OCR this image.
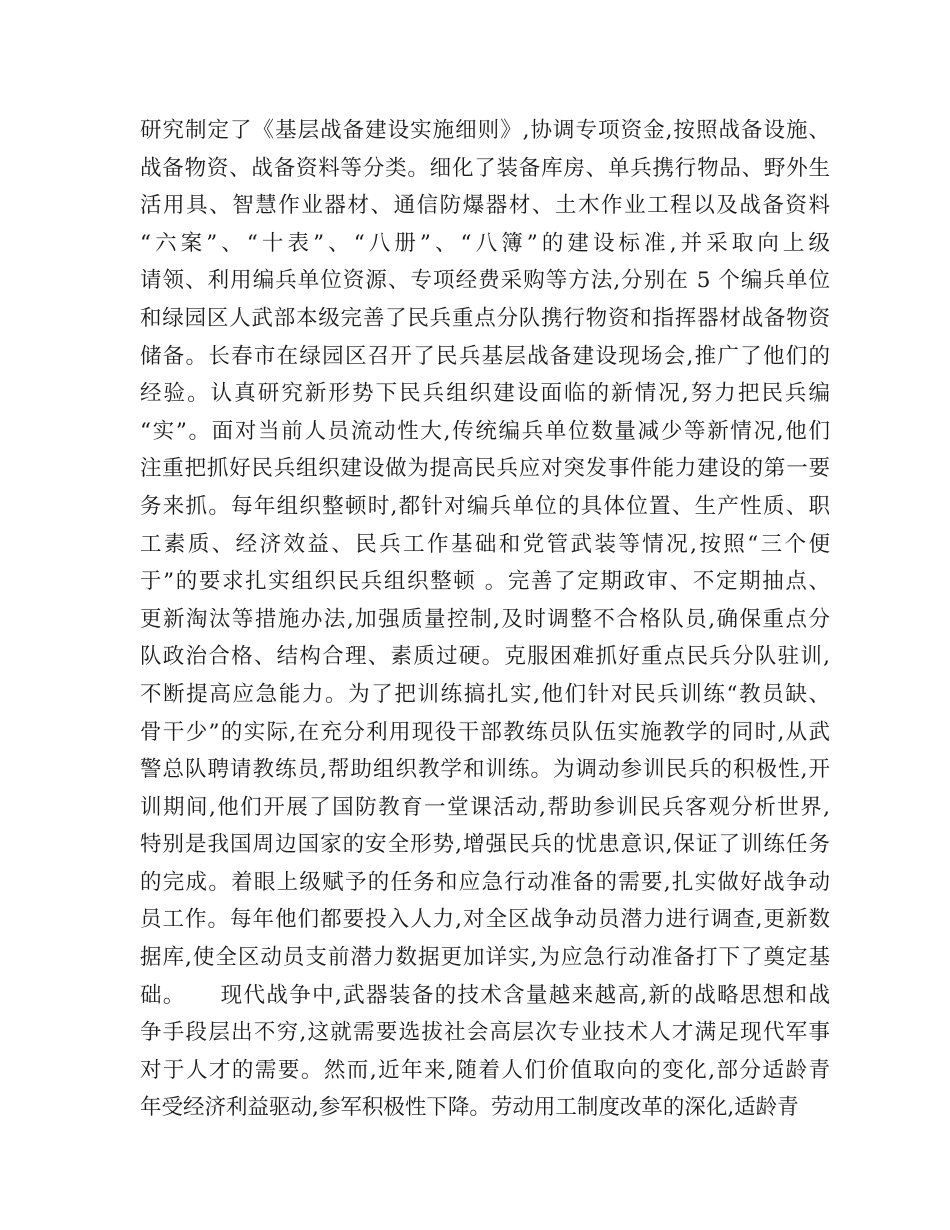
研究制定了《基层战备建设实施细则》,协调专项资金,按照战备设施、
战备物资、战备资料等分类。细化了装备库房、单兵携行物品、野外生
活用具、智慧作业器材、通信防爆器材、土木作业工程以及战备资料
“六案”、“十表”、“八册”、“八簿”的建设标准,并采取向上级
请领、利用编兵单位资源、专项经费采购等方法,分别在 5 个编兵单位
和绿园区人武部本级完善了民兵重点分队携行物资和指挥器材战备物资
储备。长春市在绿园区召开了民兵基层战备建设现场会,推广了他们的
经验。认真研究新形势下民兵组织建设面临的新情况,努力把民兵编
“实”。面对当前人员流动性大,传统编兵单位数量减少等新情况,他们
注重把抓好民兵组织建设做为提高民兵应对突发事件能力建设的第一要
务来抓。每年组织整顿时,都针对编兵单位的具体位置、生产性质、职
工素质、经济效益、民兵工作基础和党管武装等情况,按照“三个便
于”的要求扎实组织民兵组织整顿 。完善了定期政审、不定期抽点、
更新淘汰等措施办法,加强质量控制,及时调整不合格队员,确保重点分
队政治合格、结构合理、素质过硬。克服困难抓好重点民兵分队驻训,
不断提高应急能力。为了把训练搞扎实,他们针对民兵训练“教员缺、
骨干少”的实际,在充分利用现役干部教练员队伍实施教学的同时,从武
警总队聘请教练员,帮助组织教学和训练。为调动参训民兵的积极性,开
训期间,他们开展了国防教育一堂课活动,帮助参训民兵客观分析世界,
特别是我国周边国家的安全形势,增强民兵的忧患意识,保证了训练任务
的完成。着眼上级赋予的任务和应急行动准备的需要,扎实做好战争动
员工作。每年他们都要投入人力,对全区战争动员潜力进行调查,更新数
据库,使全区动员支前潜力数据更加详实,为应急行动准备打下了奠定基
础。　　现代战争中,武器装备的技术含量越来越高,新的战略思想和战
争手段层出不穷,这就需要选拔社会高层次专业技术人才满足现代军事
对于人才的需要。然而,近年来,随着人们价值取向的变化,部分适龄青
年受经济利益驱动,参军积极性下降。劳动用工制度改革的深化,适龄青
